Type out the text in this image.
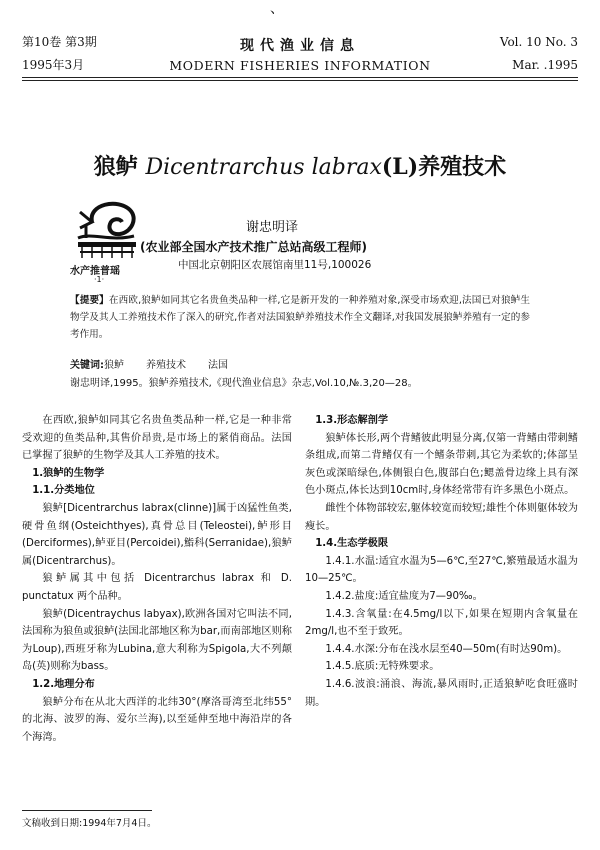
、
第10卷 第3期
1995年3月
现代渔业信息
MODERN FISHERIES INFORMATION
Vol. 10 No. 3
Mar. .1995
狼鲈 Dicentrarchus labrax(L)养殖技术
水产推普瑶
·1·
谢忠明译
(农业部全国水产技术推广总站高级工程师)
中国北京朝阳区农展馆南里11号,100026
【提要】在西欧,狼鲈如同其它名贵鱼类品种一样,它是新开发的一种养殖对象,深受市场欢迎,法国已对狼鲈生物学及其人工养殖技术作了深入的研究,作者对法国狼鲈养殖技术作全文翻译,对我国发展狼鲈养殖有一定的参考作用。
关键词:狼鲈 养殖技术 法国
谢忠明译,1995。狼鲈养殖技术,《现代渔业信息》杂志,Vol.10,№.3,20—28。

在西欧,狼鲈如同其它名贵鱼类品种一样,它是一种非常受欢迎的鱼类品种,其售价昂贵,是市场上的紧俏商品。法国已掌握了狼鲈的生物学及其人工养殖的技术。

1.狼鲈的生物学

1.1.分类地位

狼鲈[Dicentrarchus labrax(clinne)]属于凶猛性鱼类,硬骨鱼纲(Osteichthyes),真骨总目(Teleostei),鲈形目(Derciformes),鲈亚目(Percoidei),鮨科(Serranidae),狼鲈属(Dicentrarchus)。

狼鲈属其中包括 Dicentrarchus labrax 和 D. punctatux 两个品种。

狼鲈(Dicentraychus labyax),欧洲各国对它叫法不同,法国称为狼鱼或狼鲈(法国北部地区称为bar,而南部地区则称为Loup),西班牙称为Lubina,意大利称为Spigola,大不列颠岛(英)则称为bass。

1.2.地理分布

狼鲈分布在从北大西洋的北纬30°(摩洛哥湾至北纬55°的北海、波罗的海、爱尔兰海),以至延伸至地中海沿岸的各个海湾。

1.3.形态解剖学

狼鲈体长形,两个背鳍彼此明显分离,仅第一背鳍由带刺鳍条组成,而第二背鳍仅有一个鳍条带刺,其它为柔软的;体部呈灰色或深暗绿色,体侧银白色,腹部白色;鳃盖骨边缘上具有深色小斑点,体长达到10cm时,身体经常带有许多黑色小斑点。

雌性个体物部较宏,躯体较宽而较短;雄性个体则躯体较为瘦长。

1.4.生态学极限

1.4.1.水温:适宜水温为5—6℃,至27℃,繁殖最适水温为10—25℃。

1.4.2.盐度:适宜盐度为7—90‰。

1.4.3.含氧量:在4.5mg/l以下,如果在短期内含氧量在2mg/l,也不至于致死。

1.4.4.水深:分布在浅水层至40—50m(有时达90m)。

1.4.5.底质:无特殊要求。

1.4.6.波浪:涌浪、海流,暴风雨时,正适狼鲈吃食旺盛时期。

文稿收到日期:1994年7月4日。
